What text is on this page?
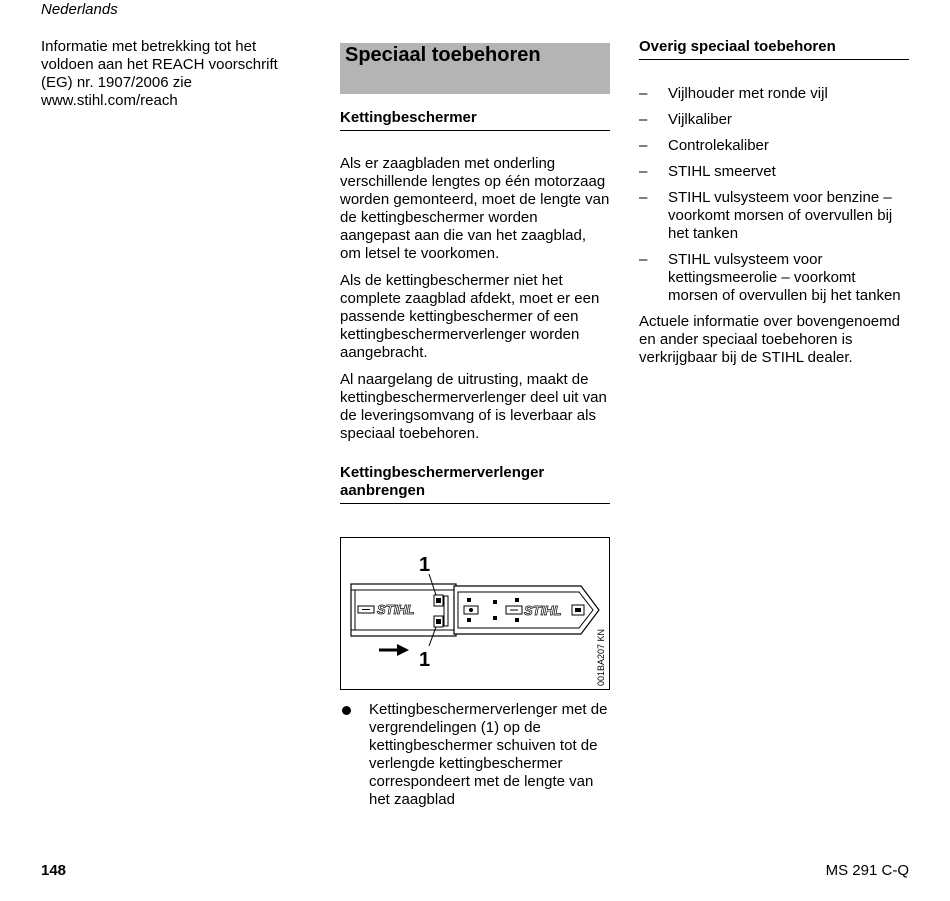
Nederlands

Informatie met betrekking tot het voldoen aan het REACH voorschrift (EG) nr. 1907/2006 zie www.stihl.com/reach

Speciaal toebehoren
Kettingbeschermer

Als er zaagbladen met onderling verschillende lengtes op één motorzaag worden gemonteerd, moet de lengte van de kettingbeschermer worden aangepast aan die van het zaagblad, om letsel te voorkomen.

Als de kettingbeschermer niet het complete zaagblad afdekt, moet er een passende kettingbeschermer of een kettingbeschermerverlenger worden aangebracht.

Al naargelang de uitrusting, maakt de kettingbeschermerverlenger deel uit van de leveringsomvang of is leverbaar als speciaal toebehoren.

Kettingbeschermerverlenger
aanbrengen
STIHL
1
1
STIHL
001BA207 KN
Kettingbeschermerverlenger met de vergrendelingen (1) op de kettingbeschermer schuiven tot de verlengde kettingbeschermer correspondeert met de lengte van het zaagblad
Overig speciaal toebehoren
– Vijlhouder met ronde vijl
– Vijlkaliber
– Controlekaliber
– STIHL smeervet
– STIHL vulsysteem voor benzine – voorkomt morsen of overvullen bij het tanken
– STIHL vulsysteem voor kettingsmeerolie – voorkomt morsen of overvullen bij het tanken

Actuele informatie over bovengenoemd en ander speciaal toebehoren is verkrijgbaar bij de STIHL dealer.

148	MS 291 C-Q
